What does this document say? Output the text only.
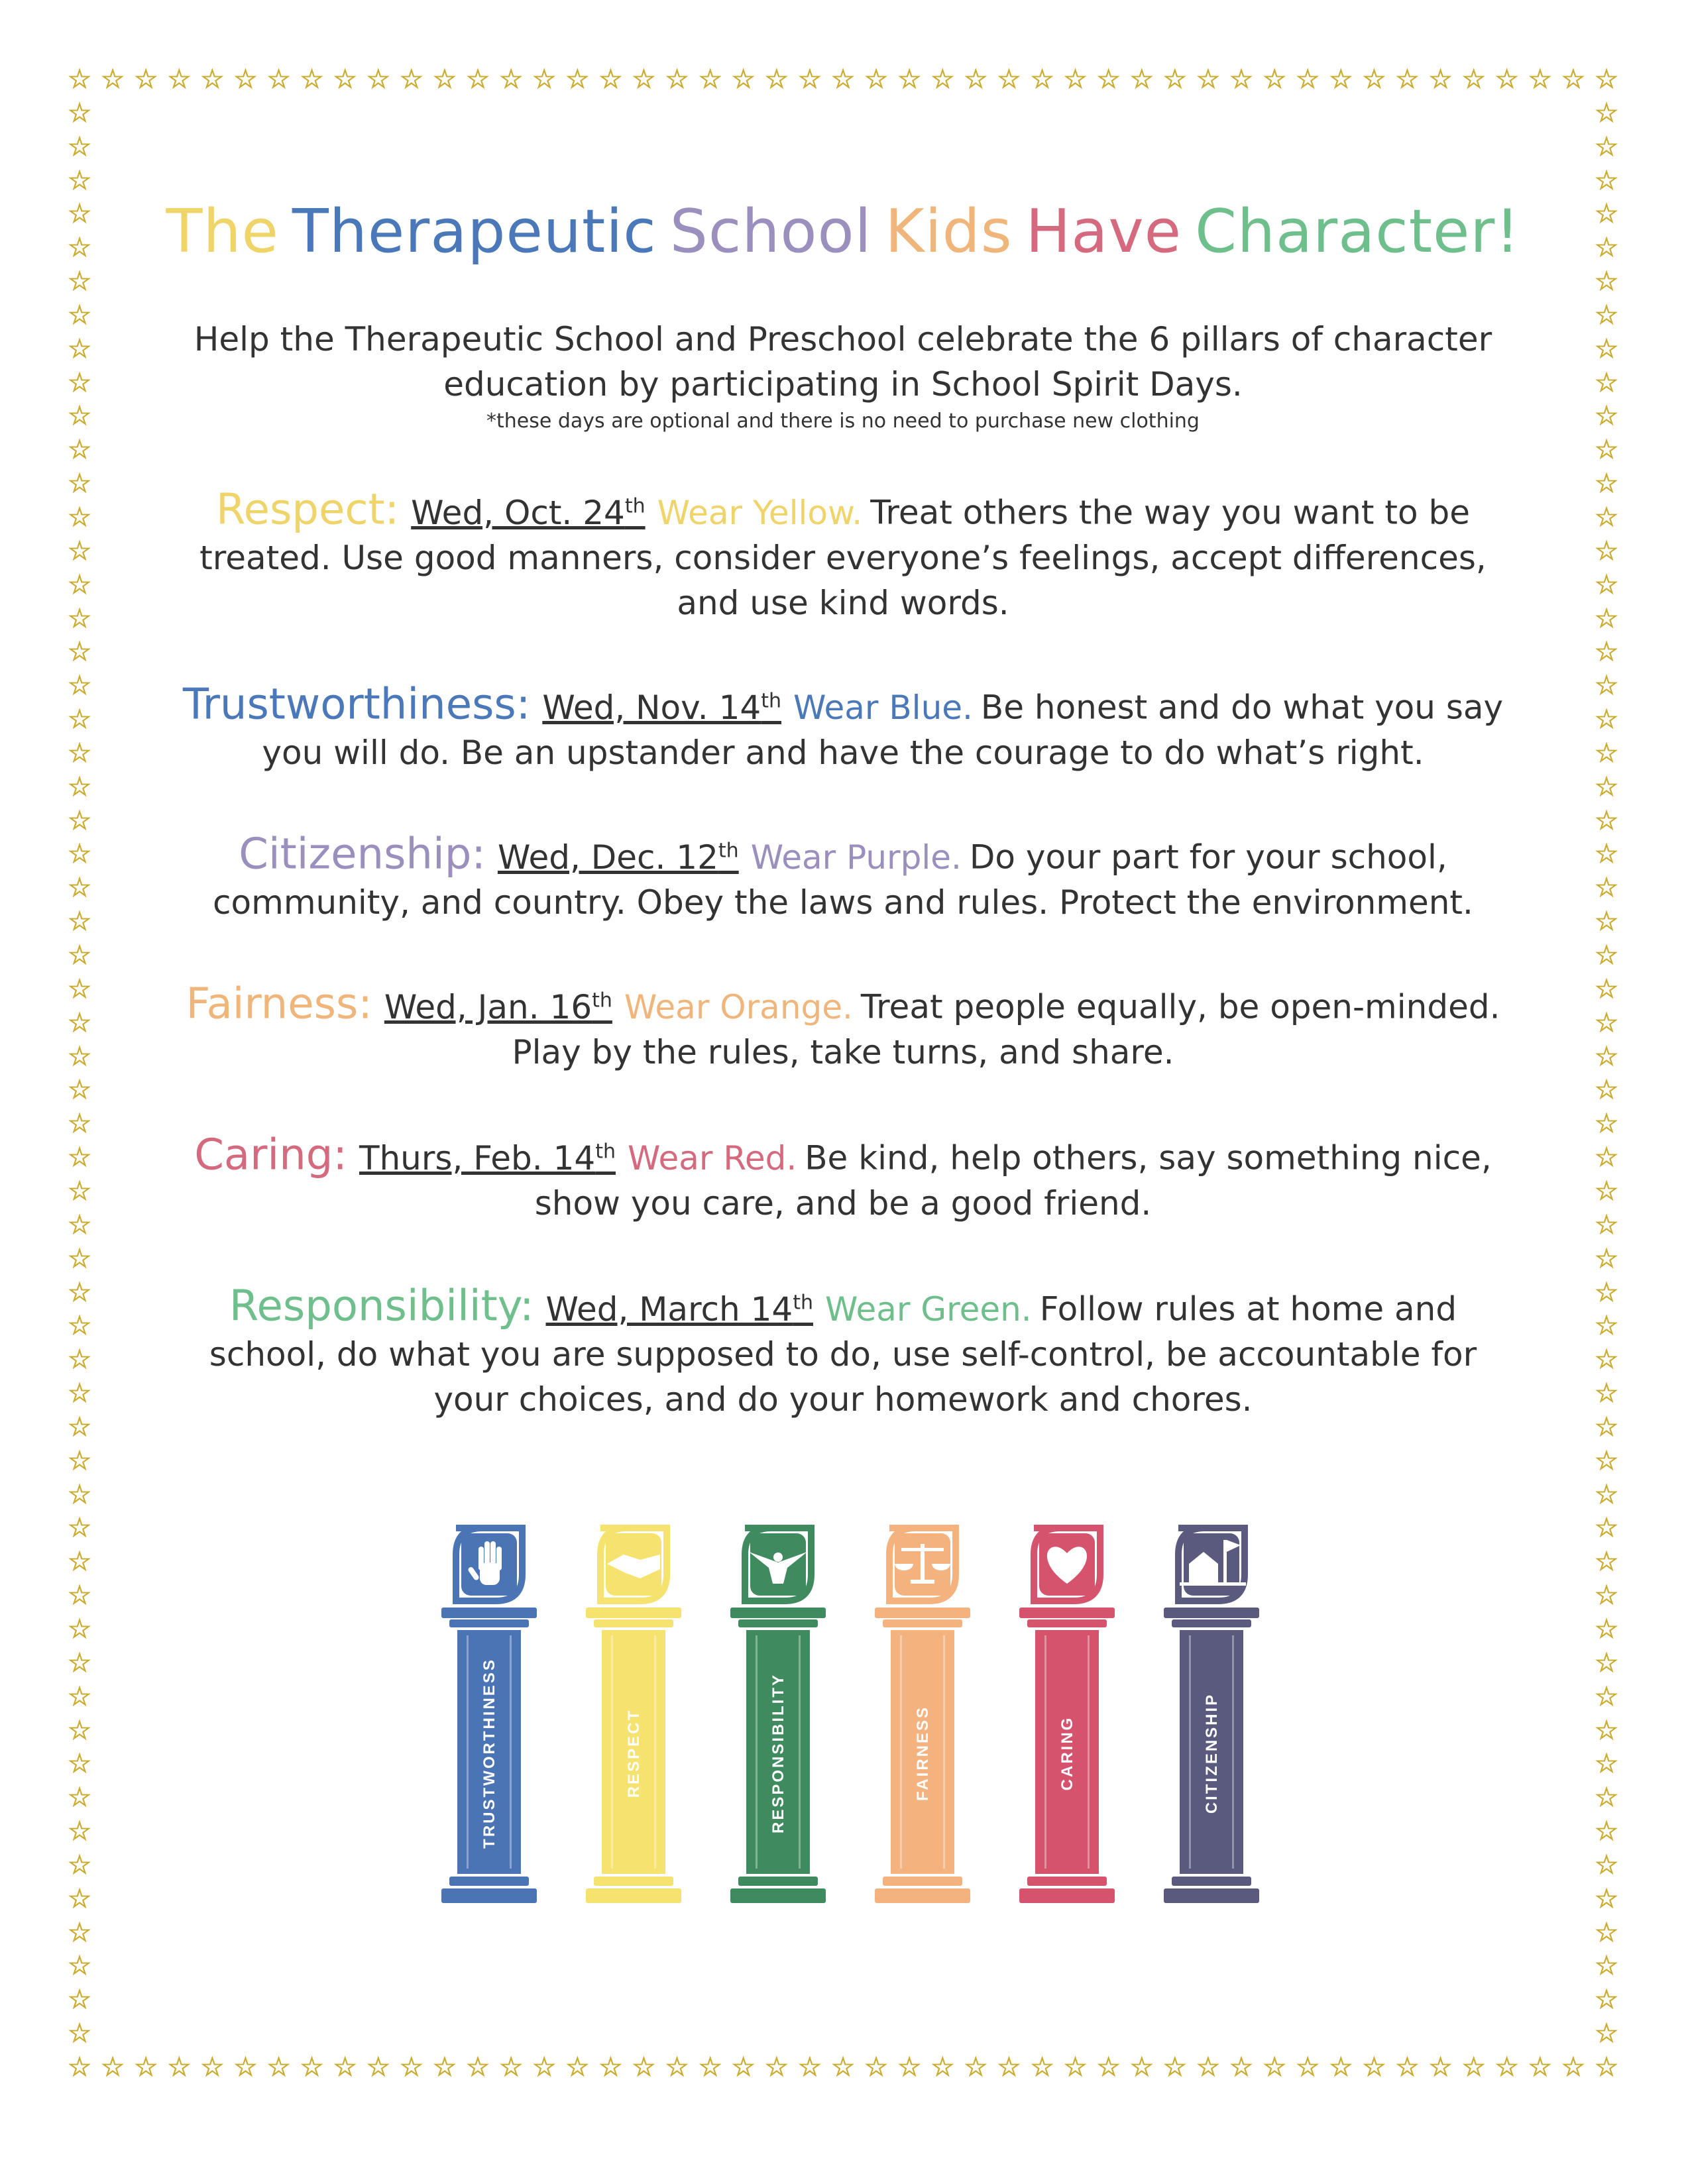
☆
☆
☆
☆
☆
☆
☆
☆
☆
☆
☆
☆
☆
☆
☆
☆
☆
☆
☆
☆
☆
☆
☆
☆
☆
☆
☆
☆
☆
☆
☆
☆
☆
☆
☆
☆
☆
☆
☆
☆
☆
☆
☆
☆
☆
☆
☆
☆
☆
☆
☆
☆
☆
☆
☆
☆
☆
☆
☆
☆
☆
☆
☆
☆
☆
☆
☆
☆
☆
☆
☆
☆
☆
☆
☆
☆
☆
☆
☆
☆
☆
☆
☆
☆
☆
☆
☆
☆
☆
☆
☆
☆
☆
☆
☆	☆
☆	☆
☆	☆
☆	☆
☆	☆
☆	☆
☆	☆
☆	☆
☆	☆
☆	☆
☆	☆
☆	☆
☆	☆
☆	☆
☆	☆
☆	☆
☆	☆
☆	☆
☆	☆
☆	☆
☆	☆
☆	☆
☆	☆
☆	☆
☆	☆
☆	☆
☆	☆
☆	☆
☆	☆
☆	☆
☆	☆
☆	☆
☆	☆
☆	☆
☆	☆
☆	☆
☆	☆
☆	☆
☆	☆
☆	☆
☆	☆
☆	☆
☆	☆
☆	☆
☆	☆
☆	☆
☆	☆
☆	☆
☆	☆
☆	☆
☆	☆
☆	☆
☆	☆
☆	☆
☆	☆
☆	☆
☆	☆
☆	☆
The Therapeutic School Kids Have Character!
Help the Therapeutic School and Preschool celebrate the 6 pillars of character education by participating in School Spirit Days.
*these days are optional and there is no need to purchase new clothing
Respect: Wed, Oct. 24th Wear Yellow. Treat others the way you want to be treated. Use good manners, consider everyone’s feelings, accept differences, and use kind words.
Trustworthiness: Wed, Nov. 14th Wear Blue. Be honest and do what you say you will do. Be an upstander and have the courage to do what’s right.
Citizenship: Wed, Dec. 12th Wear Purple. Do your part for your school, community, and country. Obey the laws and rules. Protect the environment.
Fairness: Wed, Jan. 16th Wear Orange. Treat people equally, be open-minded. Play by the rules, take turns, and share.
Caring: Thurs, Feb. 14th Wear Red. Be kind, help others, say something nice, show you care, and be a good friend.
Responsibility: Wed, March 14th Wear Green. Follow rules at home and school, do what you are supposed to do, use self-control, be accountable for your choices, and do your homework and chores.
TRUSTWORTHINESS	RESPECT	RESPONSIBILITY	FAIRNESS	CARING	CITIZENSHIP
